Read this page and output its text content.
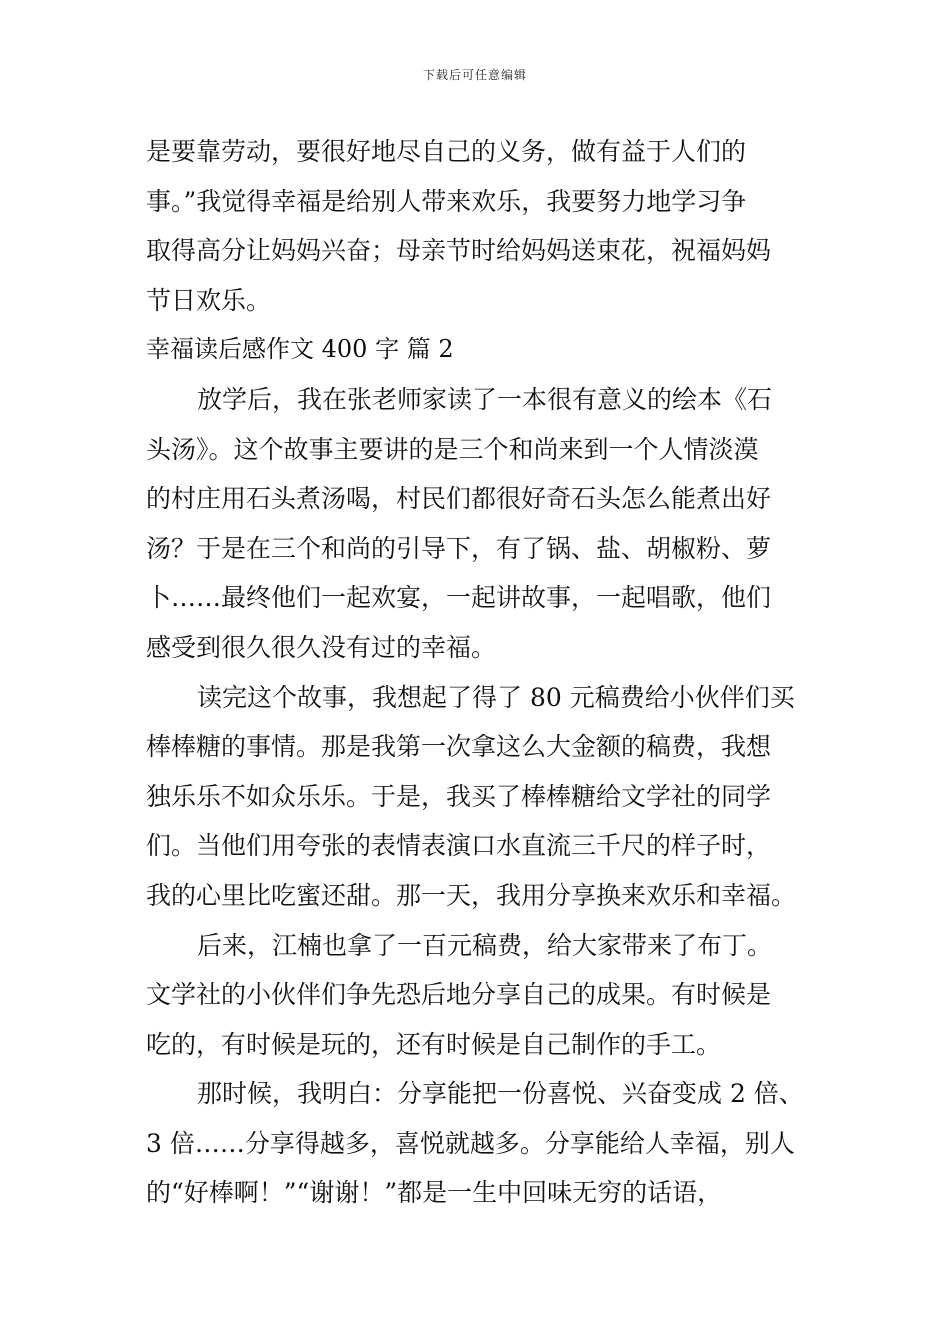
下载后可任意编辑
是要靠劳动，要很好地尽自己的义务，做有益于人们的
事。”我觉得幸福是给别人带来欢乐，我要努力地学习争
取得高分让妈妈兴奋；母亲节时给妈妈送束花，祝福妈妈
节日欢乐。
幸福读后感作文 400 字 篇 2
放学后，我在张老师家读了一本很有意义的绘本《石
头汤》。这个故事主要讲的是三个和尚来到一个人情淡漠
的村庄用石头煮汤喝，村民们都很好奇石头怎么能煮出好
汤？于是在三个和尚的引导下，有了锅、盐、胡椒粉、萝
卜……最终他们一起欢宴，一起讲故事，一起唱歌，他们
感受到很久很久没有过的幸福。
读完这个故事，我想起了得了 80 元稿费给小伙伴们买
棒棒糖的事情。那是我第一次拿这么大金额的稿费，我想
独乐乐不如众乐乐。于是，我买了棒棒糖给文学社的同学
们。当他们用夸张的表情表演口水直流三千尺的样子时，
我的心里比吃蜜还甜。那一天，我用分享换来欢乐和幸福。
后来，江楠也拿了一百元稿费，给大家带来了布丁。
文学社的小伙伴们争先恐后地分享自己的成果。有时候是
吃的，有时候是玩的，还有时候是自己制作的手工。
那时候，我明白：分享能把一份喜悦、兴奋变成 2 倍、
3 倍……分享得越多，喜悦就越多。分享能给人幸福，别人
的“好棒啊！”“谢谢！”都是一生中回味无穷的话语，
